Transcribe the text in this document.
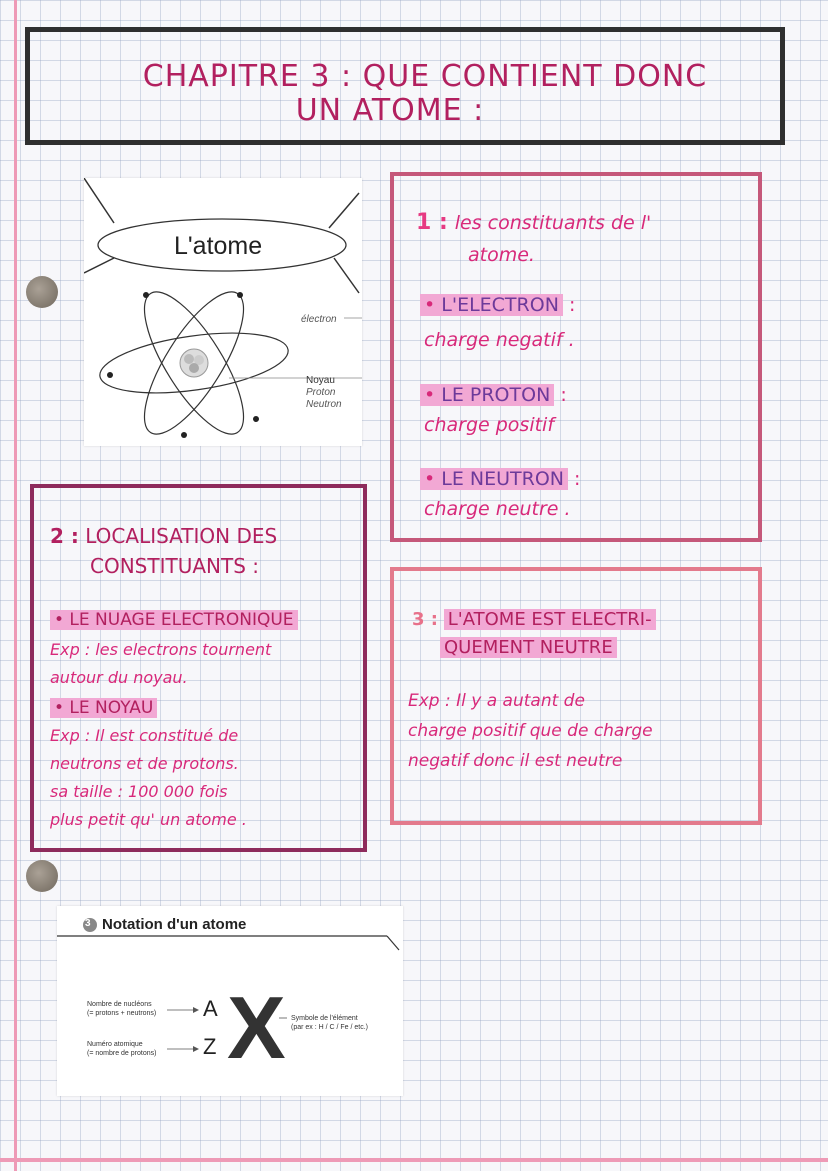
CHAPITRE 3 : QUE CONTIENT DONC
UN ATOME :
L'atome
électron
Noyau
Proton
Neutron
1 : les constituants de l'
atome.
• L'ELECTRON :
charge negatif .
• LE PROTON :
charge positif
• LE NEUTRON :
charge neutre .
2 : LOCALISATION DES
CONSTITUANTS :
• LE NUAGE ELECTRONIQUE
Exp : les electrons tournent
autour du noyau.
• LE NOYAU
Exp : Il est constitué de
neutrons et de protons.
sa taille : 100 000 fois
plus petit qu' un atome .
3 : L'ATOME EST ELECTRI-
QUEMENT NEUTRE
Exp : Il y a autant de
charge positif que de charge
negatif donc il est neutre
3 Notation d'un atome
Nombre de nucléons
(= protons + neutrons)
Numéro atomique
(= nombre de protons)
Symbole de l'élément
(par ex : H / C / Fe / etc.)
A
Z X
